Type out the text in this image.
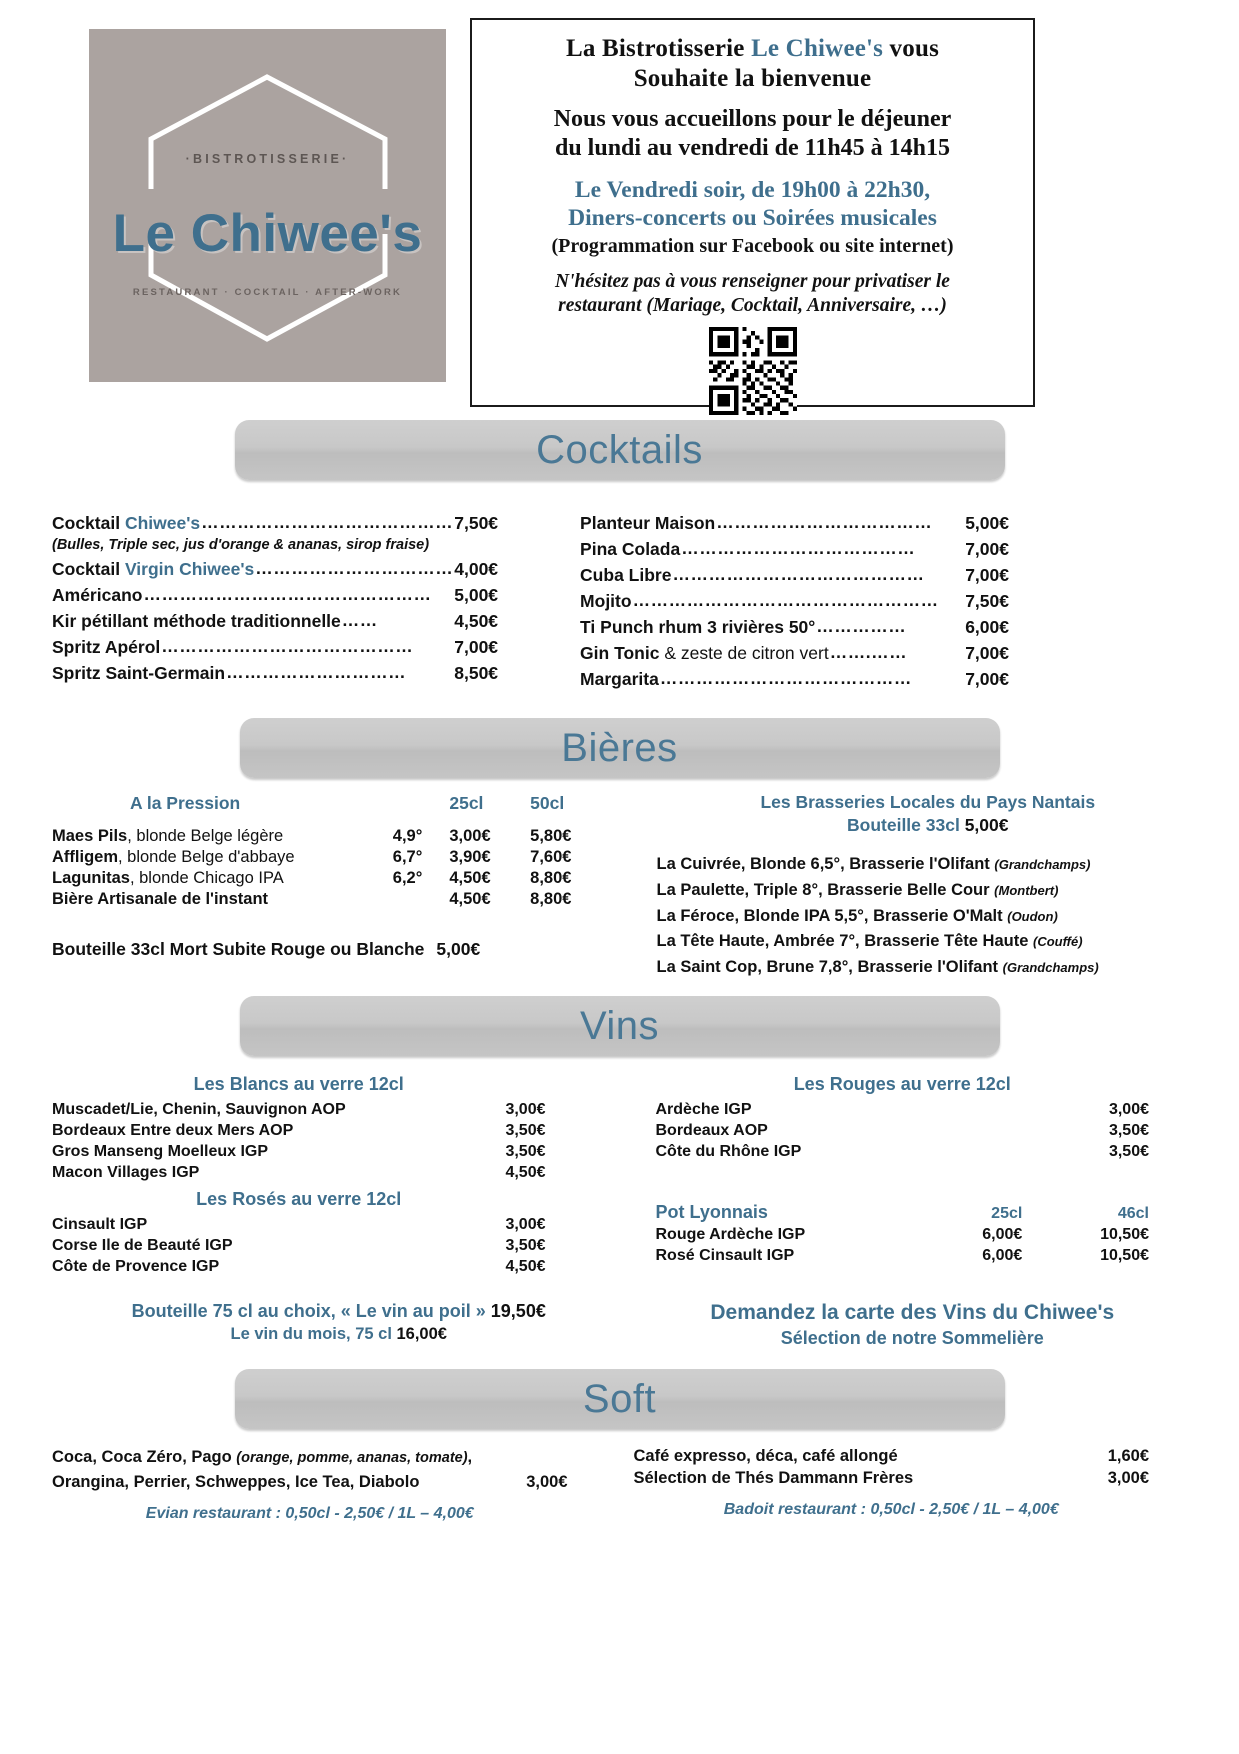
·BISTROTISSERIE·
Le Chiwee's
RESTAURANT · COCKTAIL · AFTER-WORK
La Bistrotisserie Le Chiwee's vous
Souhaite la bienvenue
Nous vous accueillons pour le déjeuner
du lundi au vendredi de 11h45 à 14h15
Le Vendredi soir, de 19h00 à 22h30,
Diners-concerts ou Soirées musicales
(Programmation sur Facebook ou site internet)
N'hésitez pas à vous renseigner pour privatiser le
restaurant (Mariage, Cocktail, Anniversaire, …)
Cocktails
Cocktail Chiwee's …………………………………… 7,50€
(Bulles, Triple sec, jus d'orange & ananas, sirop fraise)
Cocktail Virgin Chiwee's …………………………… 4,00€
Américano …………………………………………	5,00€
Kir pétillant méthode traditionnelle ……	4,50€
Spritz Apérol ……………………………………	7,00€
Spritz Saint-Germain …………………………	8,50€
Planteur Maison ………………………………	5,00€
Pina Colada …………………………………	7,00€
Cuba Libre ……………………………………	7,00€
Mojito ……………………………………………	7,50€
Ti Punch rhum 3 rivières 50° ……………	6,00€
Gin Tonic & zeste de citron vert …….……	7,00€
Margarita ……………………………………	7,00€
Bières
A la Pression		25cl	50cl
Maes Pils, blonde Belge légère	4,9°	3,00€	5,80€
Affligem, blonde Belge d'abbaye	6,7°	3,90€	7,60€
Lagunitas, blonde Chicago IPA	6,2°	4,50€	8,80€
Bière Artisanale de l'instant		4,50€	8,80€
Bouteille 33cl Mort Subite Rouge ou Blanche 5,00€
Les Brasseries Locales du Pays Nantais
Bouteille 33cl 5,00€
La Cuivrée, Blonde 6,5°, Brasserie l'Olifant (Grandchamps)
La Paulette, Triple 8°, Brasserie Belle Cour (Montbert)
La Féroce, Blonde IPA 5,5°, Brasserie O'Malt (Oudon)
La Tête Haute, Ambrée 7°, Brasserie Tête Haute (Couffé)
La Saint Cop, Brune 7,8°, Brasserie l'Olifant (Grandchamps)
Vins
Les Blancs au verre 12cl
Muscadet/Lie, Chenin, Sauvignon AOP	3,00€
Bordeaux Entre deux Mers AOP	3,50€
Gros Manseng Moelleux IGP	3,50€
Macon Villages IGP	4,50€
Les Rosés au verre 12cl
Cinsault IGP	3,00€
Corse Ile de Beauté IGP	3,50€
Côte de Provence IGP	4,50€
Les Rouges au verre 12cl
Ardèche IGP	3,00€
Bordeaux AOP	3,50€
Côte du Rhône IGP	3,50€
Pot Lyonnais	25cl	46cl
Rouge Ardèche IGP	6,00€	10,50€
Rosé Cinsault IGP	6,00€	10,50€
Bouteille 75 cl au choix, « Le vin au poil » 19,50€
Le vin du mois, 75 cl 16,00€
Demandez la carte des Vins du Chiwee's
Sélection de notre Sommelière
Soft
Coca, Coca Zéro, Pago (orange, pomme, ananas, tomate),
Orangina, Perrier, Schweppes, Ice Tea, Diabolo	3,00€
Evian restaurant : 0,50cl - 2,50€ / 1L – 4,00€
Café expresso, déca, café allongé	1,60€
Sélection de Thés Dammann Frères	3,00€
Badoit restaurant : 0,50cl - 2,50€ / 1L – 4,00€
